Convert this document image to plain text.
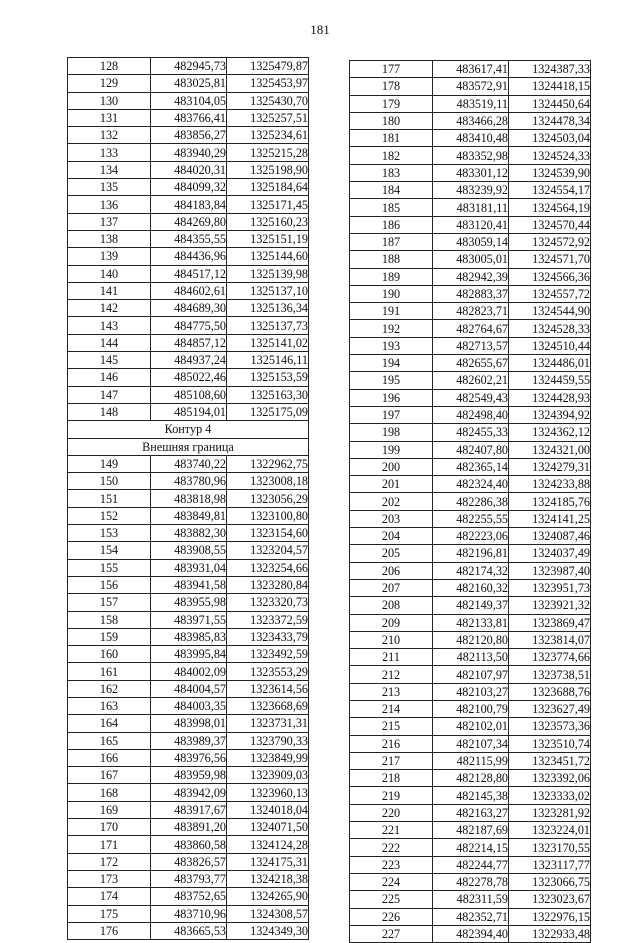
181
128	482945,73	1325479,87
129	483025,81	1325453,97
130	483104,05	1325430,70
131	483766,41	1325257,51
132	483856,27	1325234,61
133	483940,29	1325215,28
134	484020,31	1325198,90
135	484099,32	1325184,64
136	484183,84	1325171,45
137	484269,80	1325160,23
138	484355,55	1325151,19
139	484436,96	1325144,60
140	484517,12	1325139,98
141	484602,61	1325137,10
142	484689,30	1325136,34
143	484775,50	1325137,73
144	484857,12	1325141,02
145	484937,24	1325146,11
146	485022,46	1325153,59
147	485108,60	1325163,30
148	485194,01	1325175,09
Контур 4		
Внешняя граница		
149	483740,22	1322962,75
150	483780,96	1323008,18
151	483818,98	1323056,29
152	483849,81	1323100,80
153	483882,30	1323154,60
154	483908,55	1323204,57
155	483931,04	1323254,66
156	483941,58	1323280,84
157	483955,98	1323320,73
158	483971,55	1323372,59
159	483985,83	1323433,79
160	483995,84	1323492,59
161	484002,09	1323553,29
162	484004,57	1323614,56
163	484003,35	1323668,69
164	483998,01	1323731,31
165	483989,37	1323790,33
166	483976,56	1323849,99
167	483959,98	1323909,03
168	483942,09	1323960,13
169	483917,67	1324018,04
170	483891,20	1324071,50
171	483860,58	1324124,28
172	483826,57	1324175,31
173	483793,77	1324218,38
174	483752,65	1324265,90
175	483710,96	1324308,57
176	483665,53	1324349,30
177	483617,41	1324387,33
178	483572,91	1324418,15
179	483519,11	1324450,64
180	483466,28	1324478,34
181	483410,48	1324503,04
182	483352,98	1324524,33
183	483301,12	1324539,90
184	483239,92	1324554,17
185	483181,11	1324564,19
186	483120,41	1324570,44
187	483059,14	1324572,92
188	483005,01	1324571,70
189	482942,39	1324566,36
190	482883,37	1324557,72
191	482823,71	1324544,90
192	482764,67	1324528,33
193	482713,57	1324510,44
194	482655,67	1324486,01
195	482602,21	1324459,55
196	482549,43	1324428,93
197	482498,40	1324394,92
198	482455,33	1324362,12
199	482407,80	1324321,00
200	482365,14	1324279,31
201	482324,40	1324233,88
202	482286,38	1324185,76
203	482255,55	1324141,25
204	482223,06	1324087,46
205	482196,81	1324037,49
206	482174,32	1323987,40
207	482160,32	1323951,73
208	482149,37	1323921,32
209	482133,81	1323869,47
210	482120,80	1323814,07
211	482113,50	1323774,66
212	482107,97	1323738,51
213	482103,27	1323688,76
214	482100,79	1323627,49
215	482102,01	1323573,36
216	482107,34	1323510,74
217	482115,99	1323451,72
218	482128,80	1323392,06
219	482145,38	1323333,02
220	482163,27	1323281,92
221	482187,69	1323224,01
222	482214,15	1323170,55
223	482244,77	1323117,77
224	482278,78	1323066,75
225	482311,59	1323023,67
226	482352,71	1322976,15
227	482394,40	1322933,48
